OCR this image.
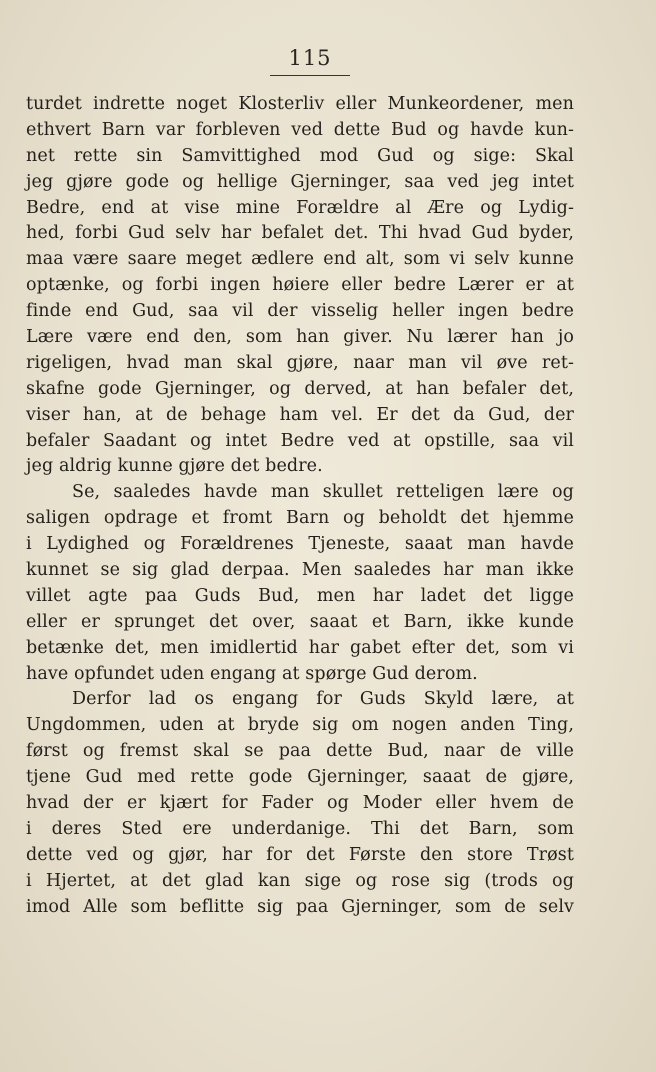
115
turdet indrette noget Klosterliv eller Munkeordener, men
ethvert Barn var forbleven ved dette Bud og havde kun-
net rette sin Samvittighed mod Gud og sige: Skal
jeg gjøre gode og hellige Gjerninger, saa ved jeg intet
Bedre, end at vise mine Forældre al Ære og Lydig-
hed, forbi Gud selv har befalet det. Thi hvad Gud byder,
maa være saare meget ædlere end alt, som vi selv kunne
optænke, og forbi ingen høiere eller bedre Lærer er at
finde end Gud, saa vil der visselig heller ingen bedre
Lære være end den, som han giver. Nu lærer han jo
rigeligen, hvad man skal gjøre, naar man vil øve ret-
skafne gode Gjerninger, og derved, at han befaler det,
viser han, at de behage ham vel. Er det da Gud, der
befaler Saadant og intet Bedre ved at opstille, saa vil
jeg aldrig kunne gjøre det bedre.
Se, saaledes havde man skullet retteligen lære og
saligen opdrage et fromt Barn og beholdt det hjemme
i Lydighed og Forældrenes Tjeneste, saaat man havde
kunnet se sig glad derpaa. Men saaledes har man ikke
villet agte paa Guds Bud, men har ladet det ligge
eller er sprunget det over, saaat et Barn, ikke kunde
betænke det, men imidlertid har gabet efter det, som vi
have opfundet uden engang at spørge Gud derom.
Derfor lad os engang for Guds Skyld lære, at
Ungdommen, uden at bryde sig om nogen anden Ting,
først og fremst skal se paa dette Bud, naar de ville
tjene Gud med rette gode Gjerninger, saaat de gjøre,
hvad der er kjært for Fader og Moder eller hvem de
i deres Sted ere underdanige. Thi det Barn, som
dette ved og gjør, har for det Første den store Trøst
i Hjertet, at det glad kan sige og rose sig (trods og
imod Alle som beflitte sig paa Gjerninger, som de selv
